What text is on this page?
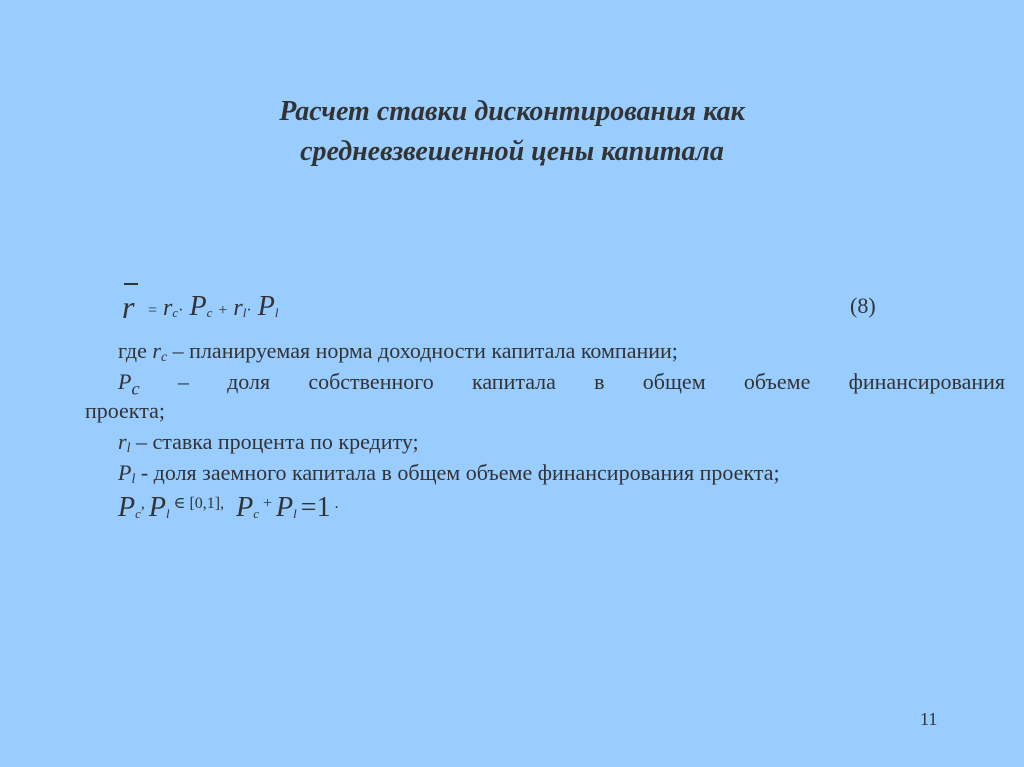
Расчет ставки дисконтирования как
средневзвешенной цены капитала
r = rc· Pc + rl· Pl	(8)
где $r_c$ – планируемая норма доходности капитала компании;
$P_c$ – доля собственного капитала в общем объеме финансирования
проекта;
$r_l$ – ставка процента по кредиту;
$P_l$ - доля заемного капитала в общем объеме финансирования проекта;
Pc, Pl ∈ [0,1], Pc + Pl =1 .
11
